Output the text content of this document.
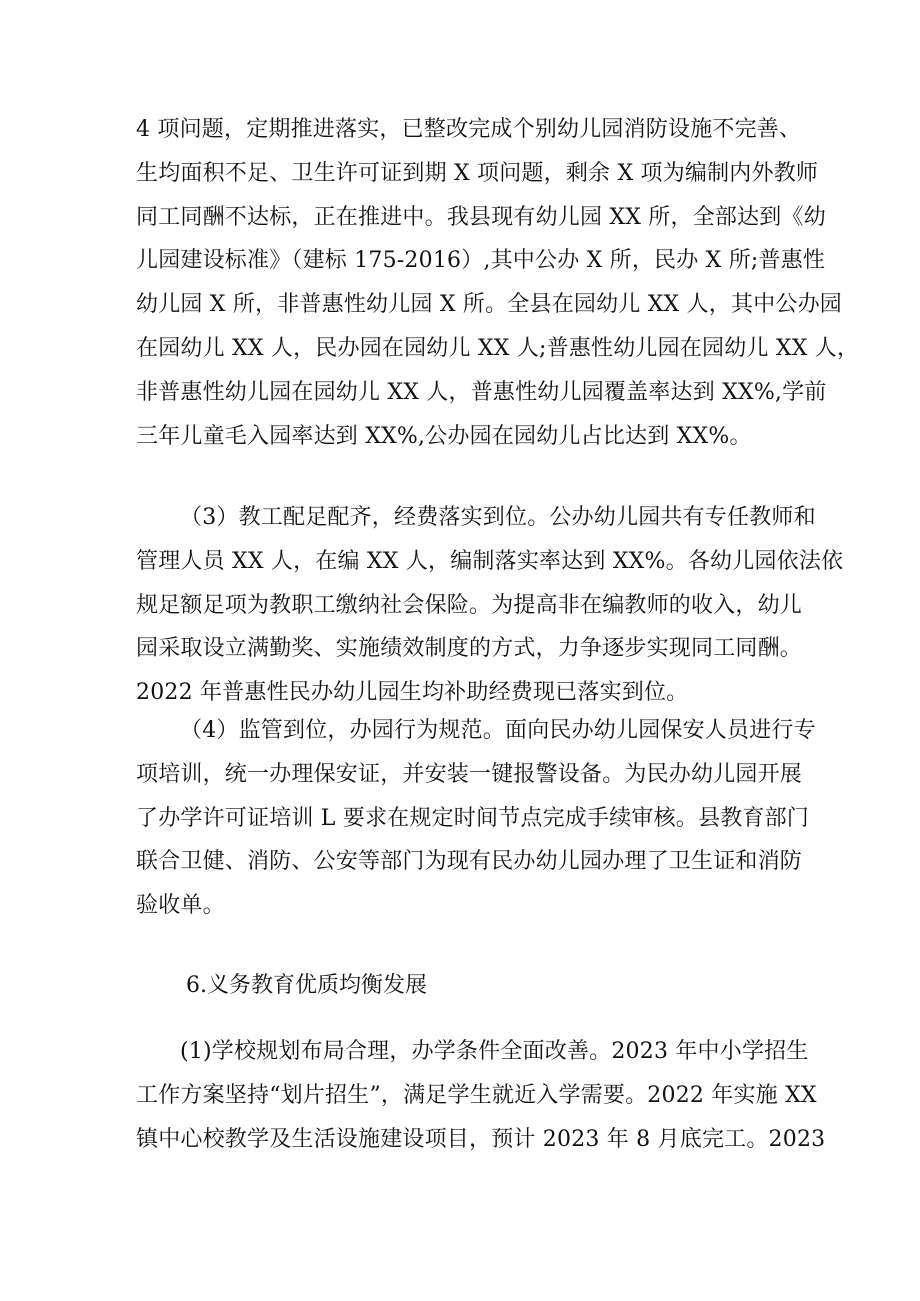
4 项问题，定期推进落实，已整改完成个别幼儿园消防设施不完善、
生均面积不足、卫生许可证到期 X 项问题，剩余 X 项为编制内外教师
同工同酬不达标，正在推进中。我县现有幼儿园 XX 所，全部达到《幼
儿园建设标准》（建标 175-2016）,其中公办 X 所，民办 X 所;普惠性
幼儿园 X 所，非普惠性幼儿园 X 所。全县在园幼儿 XX 人，其中公办园
在园幼儿 XX 人，民办园在园幼儿 XX 人;普惠性幼儿园在园幼儿 XX 人，
非普惠性幼儿园在园幼儿 XX 人，普惠性幼儿园覆盖率达到 XX%,学前
三年儿童毛入园率达到 XX%,公办园在园幼儿占比达到 XX%。

（3）教工配足配齐，经费落实到位。公办幼儿园共有专任教师和
管理人员 XX 人，在编 XX 人，编制落实率达到 XX%。各幼儿园依法依
规足额足项为教职工缴纳社会保险。为提高非在编教师的收入，幼儿
园采取设立满勤奖、实施绩效制度的方式，力争逐步实现同工同酬。
2022 年普惠性民办幼儿园生均补助经费现已落实到位。

（4）监管到位，办园行为规范。面向民办幼儿园保安人员进行专
项培训，统一办理保安证，并安装一键报警设备。为民办幼儿园开展
了办学许可证培训 L 要求在规定时间节点完成手续审核。县教育部门
联合卫健、消防、公安等部门为现有民办幼儿园办理了卫生证和消防
验收单。

6.义务教育优质均衡发展

(1)学校规划布局合理，办学条件全面改善。2023 年中小学招生
工作方案坚持“划片招生”，满足学生就近入学需要。2022 年实施 XX
镇中心校教学及生活设施建设项目，预计 2023 年 8 月底完工。2023
